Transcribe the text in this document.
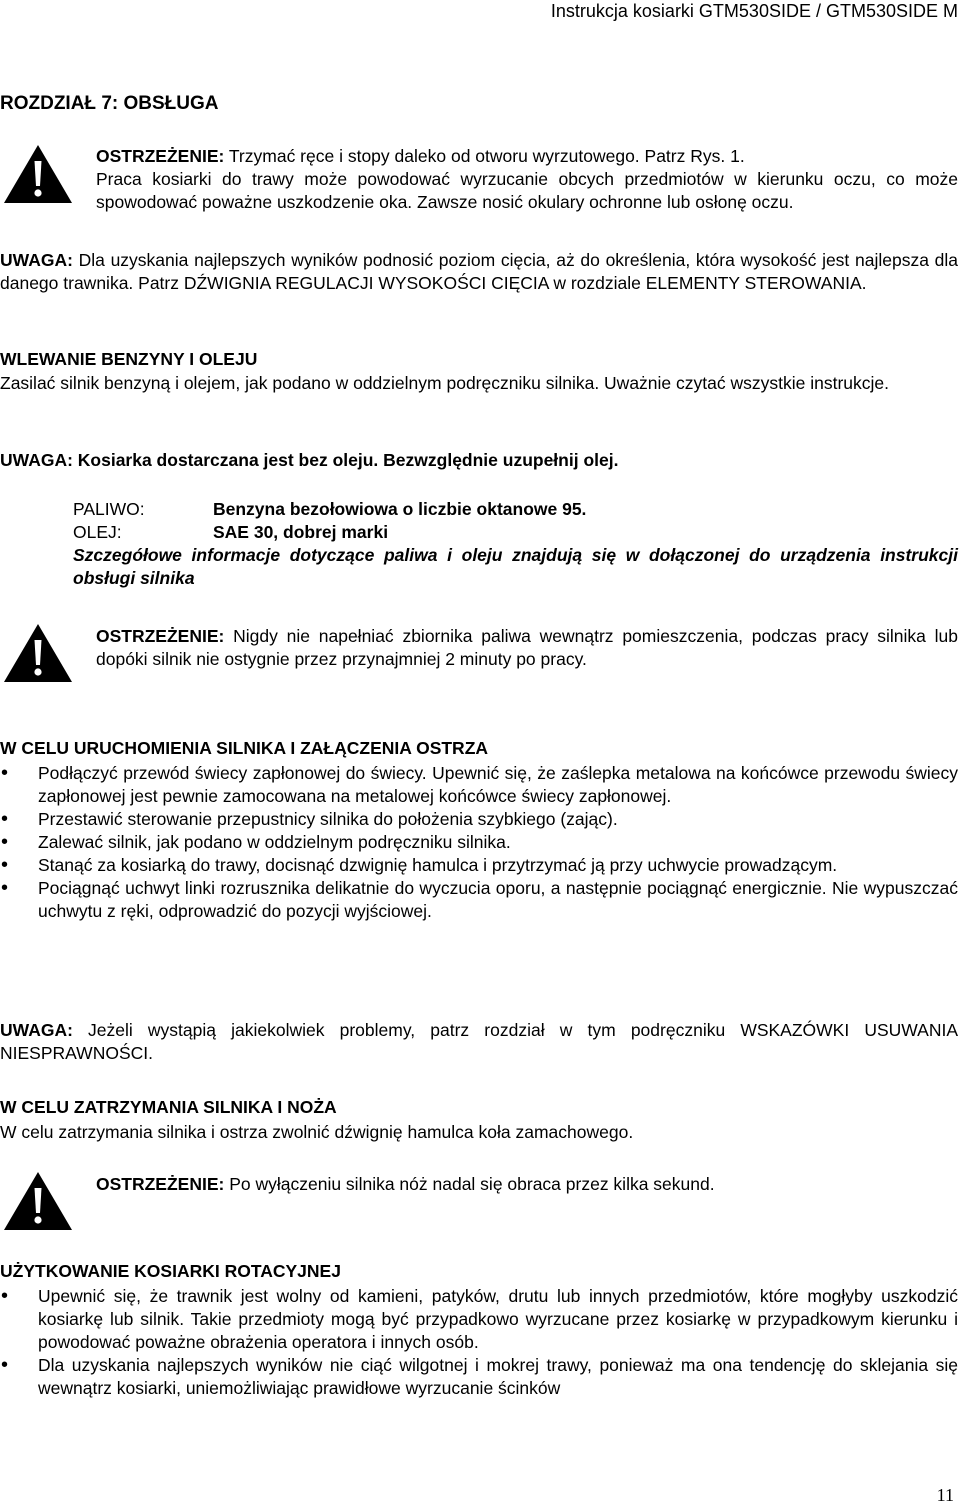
Instrukcja kosiarki GTM530SIDE / GTM530SIDE M
ROZDZIAŁ 7: OBSŁUGA
OSTRZEŻENIE: Trzymać ręce i stopy daleko od otworu wyrzutowego. Patrz Rys. 1.
Praca kosiarki do trawy może powodować wyrzucanie obcych przedmiotów w kierunku oczu, co może spowodować poważne uszkodzenie oka. Zawsze nosić okulary ochronne lub osłonę oczu.
UWAGA: Dla uzyskania najlepszych wyników podnosić poziom cięcia, aż do określenia, która wysokość jest najlepsza dla danego trawnika. Patrz DŹWIGNIA REGULACJI WYSOKOŚCI CIĘCIA w rozdziale ELEMENTY STEROWANIA.
WLEWANIE BENZYNY I OLEJU
Zasilać silnik benzyną i olejem, jak podano w oddzielnym podręczniku silnika. Uważnie czytać wszystkie instrukcje.
UWAGA: Kosiarka dostarczana jest bez oleju. Bezwzględnie uzupełnij olej.
PALIWO:	Benzyna bezołowiowa o liczbie oktanowe 95.
OLEJ:	SAE 30, dobrej marki
Szczegółowe informacje dotyczące paliwa i oleju znajdują się w dołączonej do urządzenia instrukcji obsługi silnika
OSTRZEŻENIE: Nigdy nie napełniać zbiornika paliwa wewnątrz pomieszczenia, podczas pracy silnika lub dopóki silnik nie ostygnie przez przynajmniej 2 minuty po pracy.
W CELU URUCHOMIENIA SILNIKA I ZAŁĄCZENIA OSTRZA
• Podłączyć przewód świecy zapłonowej do świecy. Upewnić się, że zaślepka metalowa na końcówce przewodu świecy zapłonowej jest pewnie zamocowana na metalowej końcówce świecy zapłonowej.
• Przestawić sterowanie przepustnicy silnika do położenia szybkiego (zając).
• Zalewać silnik, jak podano w oddzielnym podręczniku silnika.
• Stanąć za kosiarką do trawy, docisnąć dzwignię hamulca i przytrzymać ją przy uchwycie prowadzącym.
• Pociągnąć uchwyt linki rozrusznika delikatnie do wyczucia oporu, a następnie pociągnąć energicznie. Nie wypuszczać uchwytu z ręki, odprowadzić do pozycji wyjściowej.
UWAGA: Jeżeli wystąpią jakiekolwiek problemy, patrz rozdział w tym podręczniku WSKAZÓWKI USUWANIA NIESPRAWNOŚCI.
W CELU ZATRZYMANIA SILNIKA I NOŻA
W celu zatrzymania silnika i ostrza zwolnić dźwignię hamulca koła zamachowego.
OSTRZEŻENIE: Po wyłączeniu silnika nóż nadal się obraca przez kilka sekund.
UŻYTKOWANIE KOSIARKI ROTACYJNEJ
• Upewnić się, że trawnik jest wolny od kamieni, patyków, drutu lub innych przedmiotów, które mogłyby uszkodzić kosiarkę lub silnik. Takie przedmioty mogą być przypadkowo wyrzucane przez kosiarkę w przypadkowym kierunku i powodować poważne obrażenia operatora i innych osób.
• Dla uzyskania najlepszych wyników nie ciąć wilgotnej i mokrej trawy, ponieważ ma ona tendencję do sklejania się wewnątrz kosiarki, uniemożliwiając prawidłowe wyrzucanie ścinków
11
